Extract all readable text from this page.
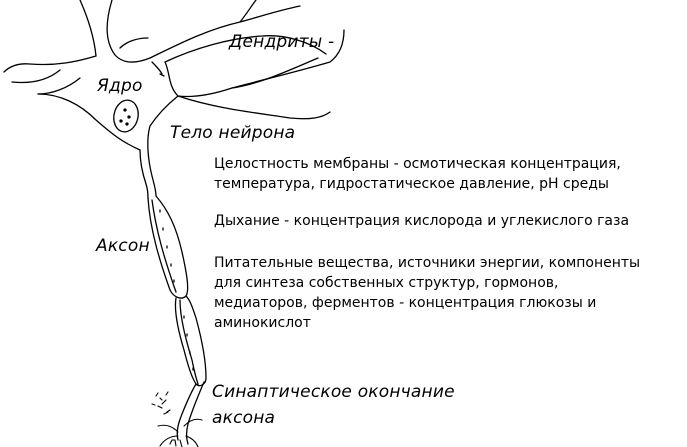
Дендриты -
Ядро
Тело нейрона
Аксон
Синаптическое окончание
аксона
Целостность мембраны - осмотическая концентрация,
температура, гидростатическое давление, pH среды
Дыхание - концентрация кислорода и углекислого газа
Питательные вещества, источники энергии, компоненты
для синтеза собственных структур, гормонов,
медиаторов, ферментов - концентрация глюкозы и
аминокислот
